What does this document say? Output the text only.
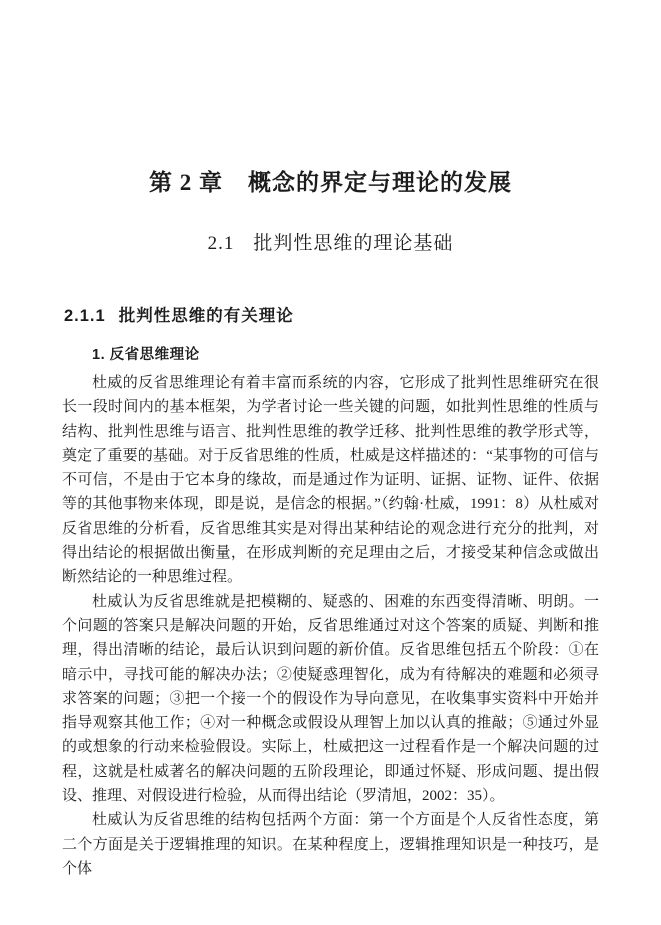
第 2 章 概念的界定与理论的发展
2.1 批判性思维的理论基础
2.1.1 批判性思维的有关理论
1. 反省思维理论

杜威的反省思维理论有着丰富而系统的内容，它形成了批判性思维研究在很长一段时间内的基本框架，为学者讨论一些关键的问题，如批判性思维的性质与结构、批判性思维与语言、批判性思维的教学迁移、批判性思维的教学形式等，奠定了重要的基础。对于反省思维的性质，杜威是这样描述的：“某事物的可信与不可信，不是由于它本身的缘故，而是通过作为证明、证据、证物、证件、依据等的其他事物来体现，即是说，是信念的根据。”（约翰·杜威，1991：8）从杜威对反省思维的分析看，反省思维其实是对得出某种结论的观念进行充分的批判，对得出结论的根据做出衡量，在形成判断的充足理由之后，才接受某种信念或做出断然结论的一种思维过程。

杜威认为反省思维就是把模糊的、疑惑的、困难的东西变得清晰、明朗。一个问题的答案只是解决问题的开始，反省思维通过对这个答案的质疑、判断和推理，得出清晰的结论，最后认识到问题的新价值。反省思维包括五个阶段：①在暗示中，寻找可能的解决办法；②使疑惑理智化，成为有待解决的难题和必须寻求答案的问题；③把一个接一个的假设作为导向意见，在收集事实资料中开始并指导观察其他工作；④对一种概念或假设从理智上加以认真的推敲；⑤通过外显的或想象的行动来检验假设。实际上，杜威把这一过程看作是一个解决问题的过程，这就是杜威著名的解决问题的五阶段理论，即通过怀疑、形成问题、提出假设、推理、对假设进行检验，从而得出结论（罗清旭，2002：35）。

杜威认为反省思维的结构包括两个方面：第一个方面是个人反省性态度，第二个方面是关于逻辑推理的知识。在某种程度上，逻辑推理知识是一种技巧，是个体
